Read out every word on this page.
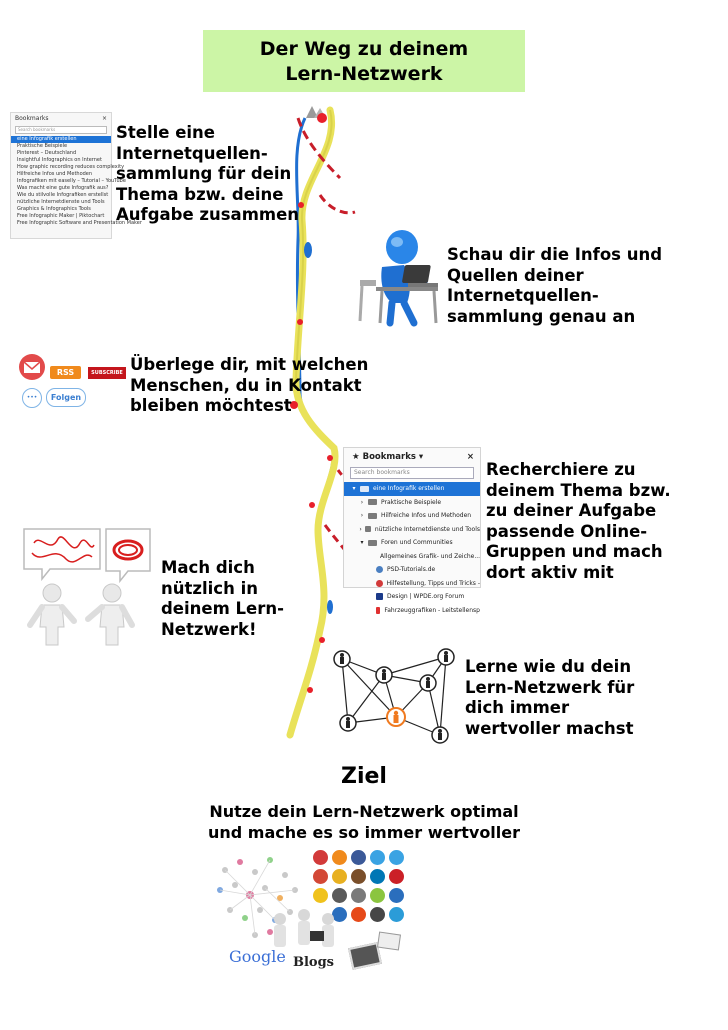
Der Weg zu deinem
Lern-Netzwerk
Bookmarks	×
Search bookmarks
eine Infografik erstellen
Praktische Beispiele
Pinterest – Deutschland
Insightful Infographics on Internet
How graphic recording reduces complexity
Hilfreiche Infos und Methoden
Infografiken mit easelly – Tutorial – YouTube
Was macht eine gute Infografik aus?
Wie du stilvolle Infografiken erstellst
nützliche Internetdienste und Tools
Graphics & Infographics Tools
Free Infographic Maker | Piktochart
Free Infographic Software and Presentation Maker
Stelle eine
Internetquellen-
sammlung für dein
Thema bzw. deine
Aufgabe zusammen
Schau dir die Infos und
Quellen deiner
Internetquellen-
sammlung genau an
RSS	SUBSCRIBE
•••	Folgen
Überlege dir, mit welchen
Menschen, du in Kontakt
bleiben möchtest
★ Bookmarks ▾	×
Search bookmarks
▾	eine Infografik erstellen
›	Praktische Beispiele
›	Hilfreiche Infos und Methoden
› nützliche Internetdienste und Tools
▾	Foren und Communities
Allgemeines Grafik- und Zeiche...
PSD-Tutorials.de
Hilfestellung, Tipps und Tricks -
Design | WPDE.org Forum
Fahrzeuggrafiken - Leitstellensp
Recherchiere zu
deinem Thema bzw.
zu deiner Aufgabe
passende Online-
Gruppen und mach
dort aktiv mit
Mach dich
nützlich in
deinem Lern-
Netzwerk!
Lerne wie du dein
Lern-Netzwerk für
dich immer
wertvoller machst
Ziel
Nutze dein Lern-Netzwerk optimal
und mache es so immer wertvoller
Google Blogs
